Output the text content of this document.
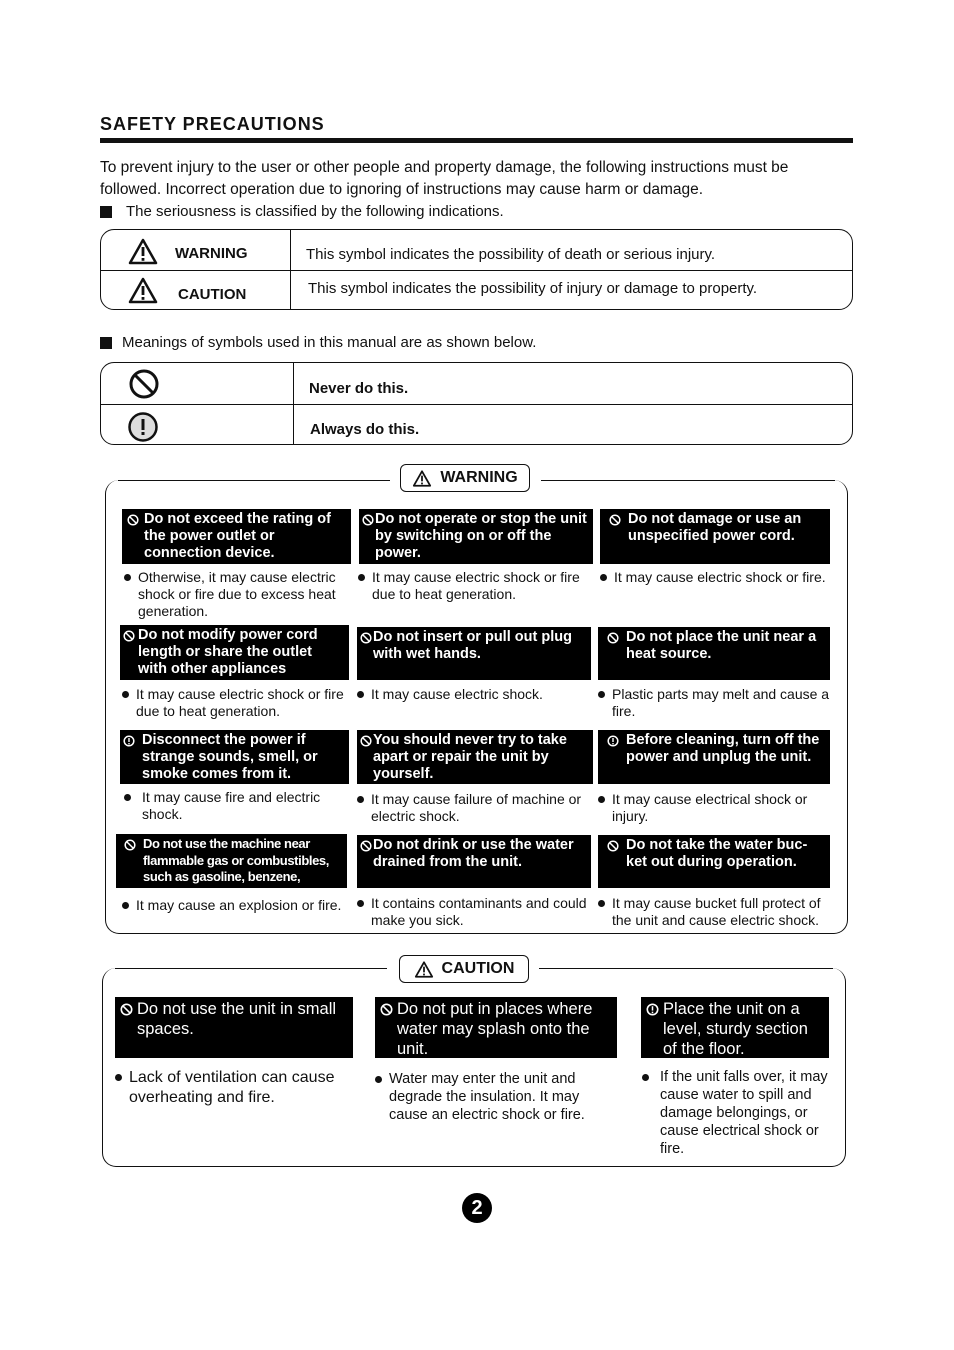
SAFETY PRECAUTIONS
To prevent injury to the user or other people and property damage, the following instructions must be followed. Incorrect operation due to ignoring of instructions may cause harm or damage.
The seriousness is classified by the following indications.
WARNING	This symbol indicates the possibility of death or serious injury.
CAUTION	This symbol indicates the possibility of injury or damage to property.
Meanings of symbols used in this manual are as shown below.
Never do this.
Always do this.
WARNING
Do not exceed the rating of the power outlet or connection device.
Otherwise, it may cause electric shock or fire due to excess heat generation.
Do not operate or stop the unit by switching on or off the power.
It may cause electric shock or fire due to heat generation.
Do not damage or use an unspecified power cord.
It may cause electric shock or fire.
Do not modify power cord length or share the outlet with other appliances
It may cause electric shock or fire due to heat generation.
Do not insert or pull out plug with wet hands.
It may cause electric shock.
Do not place the unit near a heat source.
Plastic parts may melt and cause a fire.
Disconnect the power if strange sounds, smell, or smoke comes from it.
It may cause fire and electric shock.
You should never try to take apart or repair the unit by yourself.
It may cause failure of machine or electric shock.
Before cleaning, turn off the power and unplug the unit.
It may cause electrical shock or injury.
Do not use the machine near flammable gas or combustibles, such as gasoline, benzene, thinner, etc.
It may cause an explosion or fire.
Do not drink or use the water drained from the unit.
It contains contaminants and could make you sick.
Do not take the water buc-ket out during operation.
It may cause bucket full protect of the unit and cause electric shock.
CAUTION
Do not use the unit in small spaces.
Lack of ventilation can cause overheating and fire.
Do not put in places where water may splash onto the unit.
Water may enter the unit and degrade the insulation. It may cause an electric shock or fire.
Place the unit on a level, sturdy section of the floor.
If the unit falls over, it may cause water to spill and damage belongings, or cause electrical shock or fire.
2
